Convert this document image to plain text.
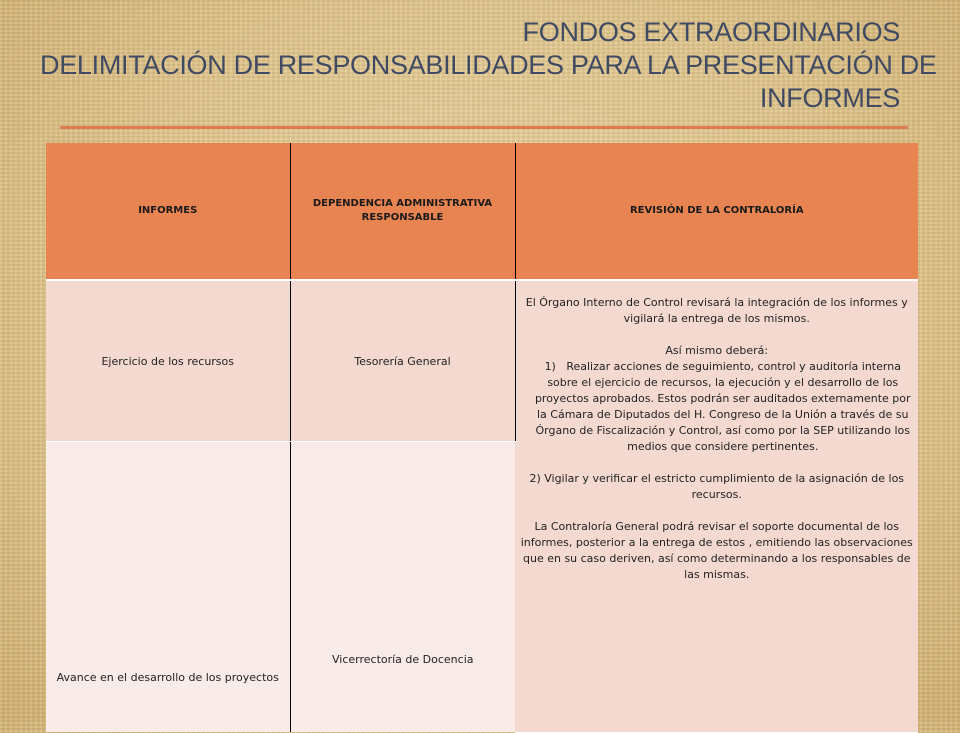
FONDOS EXTRAORDINARIOS
DELIMITACIÓN DE RESPONSABILIDADES PARA LA PRESENTACIÓN DE
INFORMES
INFORMES	DEPENDENCIA ADMINISTRATIVA RESPONSABLE	REVISIÓN DE LA CONTRALORÍA
Ejercicio de los recursos	Tesorería General	El Órgano Interno de Control revisará la integración de los informes y vigilará la entrega de los mismos.

Así mismo deberá:

1)   Realizar acciones de seguimiento, control y auditoría interna sobre el ejercicio de recursos, la ejecución y el desarrollo de los proyectos aprobados. Estos podrán ser auditados externamente por la Cámara de Diputados del H. Congreso de la Unión a través de su Órgano de Fiscalización y Control, así como por la SEP utilizando los medios que considere pertinentes.

2) Vigilar y verificar el estricto cumplimiento de la asignación de los recursos.

La Contraloría General podrá revisar el soporte documental de los informes, posterior a la entrega de estos , emitiendo las observaciones que en su caso deriven, así como determinando a los responsables de las mismas.

Avance en el desarrollo de los proyectos	Vicerrectoría de Docencia	
